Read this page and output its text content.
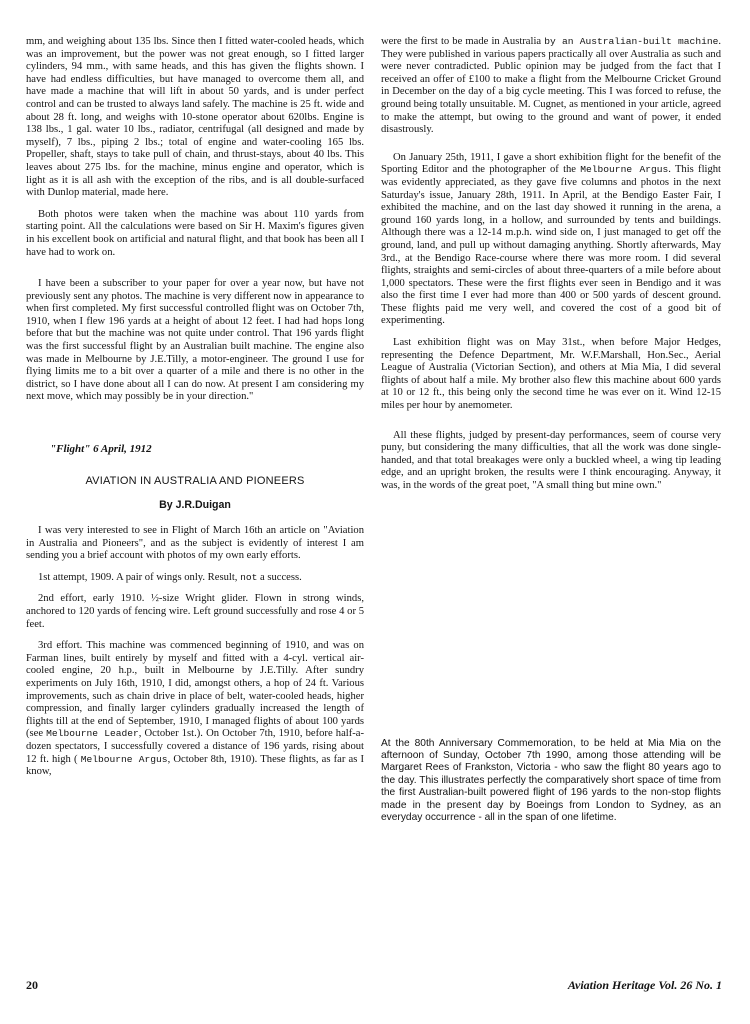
mm, and weighing about 135 lbs. Since then I fitted water-cooled heads, which was an improvement, but the power was not great enough, so I fitted larger cylinders, 94 mm., with same heads, and this has given the flights shown. I have had endless difficulties, but have managed to overcome them all, and have made a machine that will lift in about 50 yards, and is under perfect control and can be trusted to always land safely. The machine is 25 ft. wide and about 28 ft. long, and weighs with 10-stone operator about 620lbs. Engine is 138 lbs., 1 gal. water 10 lbs., radiator, centrifugal (all designed and made by myself), 7 lbs., piping 2 lbs.; total of engine and water-cooling 165 lbs. Propeller, shaft, stays to take pull of chain, and thrust-stays, about 40 lbs. This leaves about 275 lbs. for the machine, minus engine and operator, which is light as it is all ash with the exception of the ribs, and is all double-surfaced with Dunlop material, made here.

Both photos were taken when the machine was about 110 yards from starting point. All the calculations were based on Sir H. Maxim's figures given in his excellent book on artificial and natural flight, and that book has been all I have had to work on.

I have been a subscriber to your paper for over a year now, but have not previously sent any photos. The machine is very different now in appearance to when first completed. My first successful controlled flight was on October 7th, 1910, when I flew 196 yards at a height of about 12 feet. I had had hops long before that but the machine was not quite under control. That 196 yards flight was the first successful flight by an Australian built machine. The engine also was made in Melbourne by J.E.Tilly, a motor-engineer. The ground I use for flying limits me to a bit over a quarter of a mile and there is no other in the district, so I have done about all I can do now. At present I am considering my next move, which may possibly be in your direction."

"Flight" 6 April, 1912
AVIATION IN AUSTRALIA AND PIONEERS
By J.R.Duigan

I was very interested to see in Flight of March 16th an article on "Aviation in Australia and Pioneers", and as the subject is evidently of interest I am sending you a brief account with photos of my own early efforts.

1st attempt, 1909. A pair of wings only. Result, not a success.

2nd effort, early 1910. ½-size Wright glider. Flown in strong winds, anchored to 120 yards of fencing wire. Left ground successfully and rose 4 or 5 feet.

3rd effort. This machine was commenced beginning of 1910, and was on Farman lines, built entirely by myself and fitted with a 4-cyl. vertical air-cooled engine, 20 h.p., built in Melbourne by J.E.Tilly. After sundry experiments on July 16th, 1910, I did, amongst others, a hop of 24 ft. Various improvements, such as chain drive in place of belt, water-cooled heads, higher compression, and finally larger cylinders gradually increased the length of flights till at the end of September, 1910, I managed flights of about 100 yards (see Melbourne Leader, October 1st.). On October 7th, 1910, before half-a-dozen spectators, I successfully covered a distance of 196 yards, rising about 12 ft. high ( Melbourne Argus, October 8th, 1910). These flights, as far as I know,

were the first to be made in Australia by an Australian-built machine. They were published in various papers practically all over Australia as such and were never contradicted. Public opinion may be judged from the fact that I received an offer of £100 to make a flight from the Melbourne Cricket Ground in December on the day of a big cycle meeting. This I was forced to refuse, the ground being totally unsuitable. M. Cugnet, as mentioned in your article, agreed to make the attempt, but owing to the ground and want of power, it ended disastrously.

On January 25th, 1911, I gave a short exhibition flight for the benefit of the Sporting Editor and the photographer of the Melbourne Argus. This flight was evidently appreciated, as they gave five columns and photos in the next Saturday's issue, January 28th, 1911. In April, at the Bendigo Easter Fair, I exhibited the machine, and on the last day showed it running in the arena, a ground 160 yards long, in a hollow, and surrounded by tents and buildings. Although there was a 12-14 m.p.h. wind side on, I just managed to get off the ground, land, and pull up without damaging anything. Shortly afterwards, May 3rd., at the Bendigo Race-course where there was more room. I did several flights, straights and semi-circles of about three-quarters of a mile before about 1,000 spectators. These were the first flights ever seen in Bendigo and it was also the first time I ever had more than 400 or 500 yards of descent ground. These flights paid me very well, and covered the cost of a good bit of experimenting.

Last exhibition flight was on May 31st., when before Major Hedges, representing the Defence Department, Mr. W.F.Marshall, Hon.Sec., Aerial League of Australia (Victorian Section), and others at Mia Mia, I did several flights of about half a mile. My brother also flew this machine about 600 yards at 10 or 12 ft., this being only the second time he was ever on it. Wind 12-15 miles per hour by anemometer.

All these flights, judged by present-day performances, seem of course very puny, but considering the many difficulties, that all the work was done single-handed, and that total breakages were only a buckled wheel, a wing tip leading edge, and an upright broken, the results were I think encouraging. Anyway, it was, in the words of the great poet, "A small thing but mine own."

At the 80th Anniversary Commemoration, to be held at Mia Mia on the afternoon of Sunday, October 7th 1990, among those attending will be Margaret Rees of Frankston, Victoria - who saw the flight 80 years ago to the day. This illustrates perfectly the comparatively short space of time from the first Australian-built powered flight of 196 yards to the non-stop flights made in the present day by Boeings from London to Sydney, as an everyday occurrence - all in the span of one lifetime.

20	Aviation Heritage Vol. 26 No. 1
